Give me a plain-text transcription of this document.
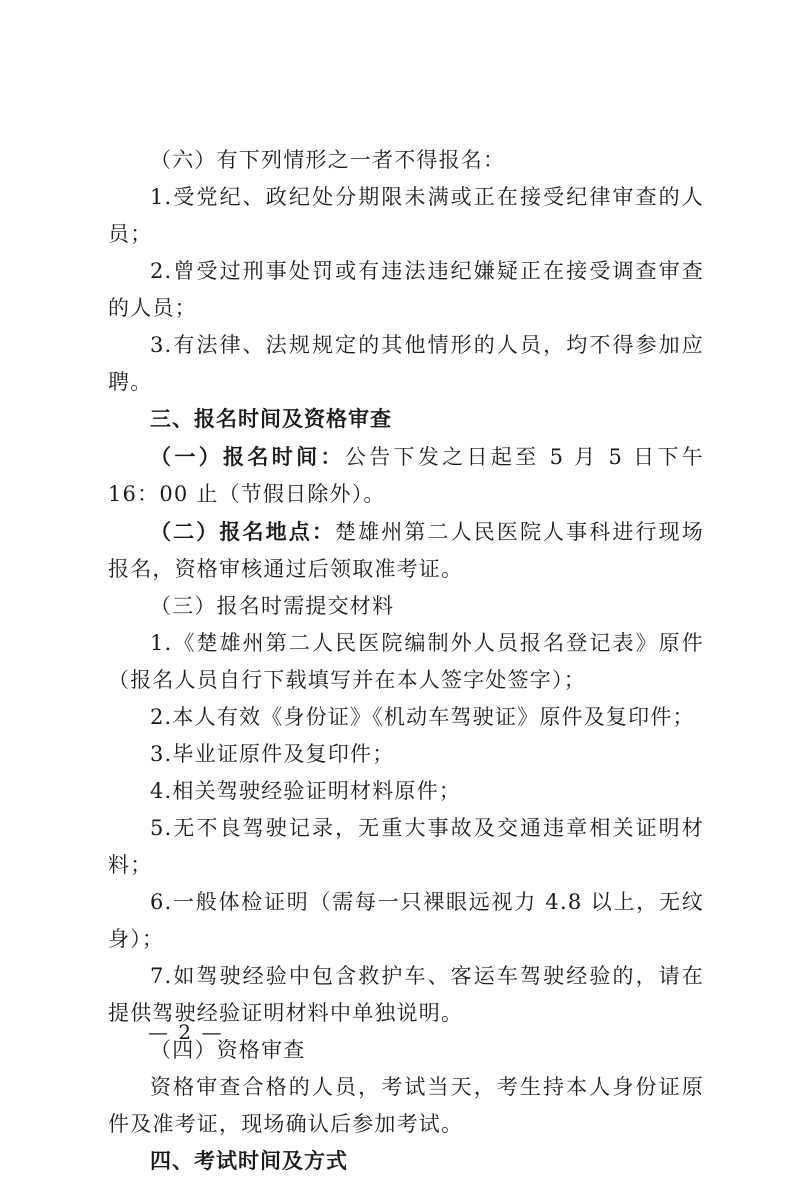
（六）有下列情形之一者不得报名：

1.受党纪、政纪处分期限未满或正在接受纪律审查的人员；

2.曾受过刑事处罚或有违法违纪嫌疑正在接受调查审查的人员；

3.有法律、法规规定的其他情形的人员，均不得参加应聘。

三、报名时间及资格审查

（一）报名时间：公告下发之日起至 5 月 5 日下午 16：00 止（节假日除外）。

（二）报名地点：楚雄州第二人民医院人事科进行现场报名，资格审核通过后领取准考证。

（三）报名时需提交材料

1.《楚雄州第二人民医院编制外人员报名登记表》原件（报名人员自行下载填写并在本人签字处签字）；

2.本人有效《身份证》《机动车驾驶证》原件及复印件；

3.毕业证原件及复印件；

4.相关驾驶经验证明材料原件；

5.无不良驾驶记录，无重大事故及交通违章相关证明材料；

6.一般体检证明（需每一只裸眼远视力 4.8 以上，无纹身）；

7.如驾驶经验中包含救护车、客运车驾驶经验的，请在提供驾驶经验证明材料中单独说明。

（四）资格审查

资格审查合格的人员，考试当天，考生持本人身份证原件及准考证，现场确认后参加考试。

四、考试时间及方式

— 2 —
